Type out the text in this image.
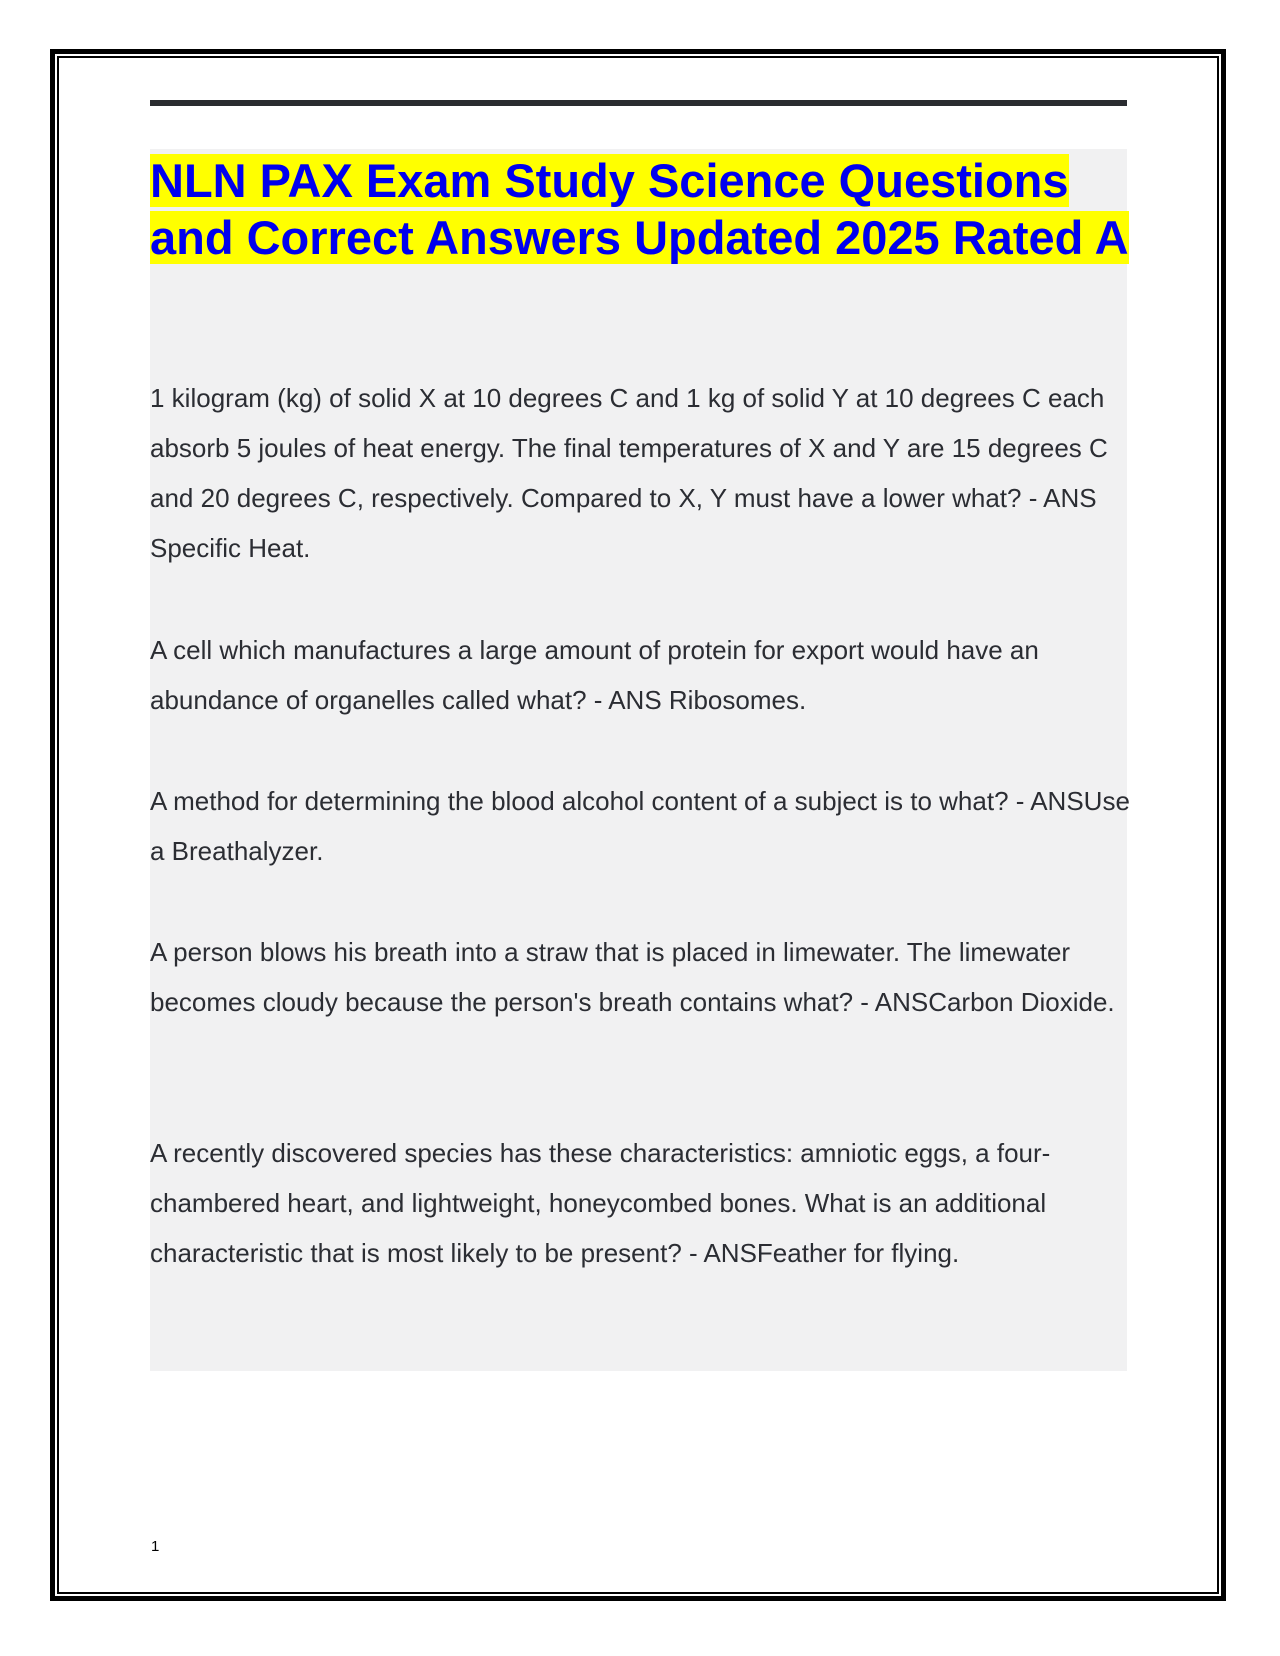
NLN PAX Exam Study Science Questions and Correct Answers Updated 2025 Rated A

1 kilogram (kg) of solid X at 10 degrees C and 1 kg of solid Y at 10 degrees C each absorb 5 joules of heat energy. The final temperatures of X and Y are 15 degrees C and 20 degrees C, respectively. Compared to X, Y must have a lower what? - ANS Specific Heat.

A cell which manufactures a large amount of protein for export would have an abundance of organelles called what? - ANS Ribosomes.

A method for determining the blood alcohol content of a subject is to what? - ANSUse a Breathalyzer.

A person blows his breath into a straw that is placed in limewater. The limewater becomes cloudy because the person's breath contains what? - ANSCarbon Dioxide.

A recently discovered species has these characteristics: amniotic eggs, a four-chambered heart, and lightweight, honeycombed bones. What is an additional characteristic that is most likely to be present? - ANSFeather for flying.

1
